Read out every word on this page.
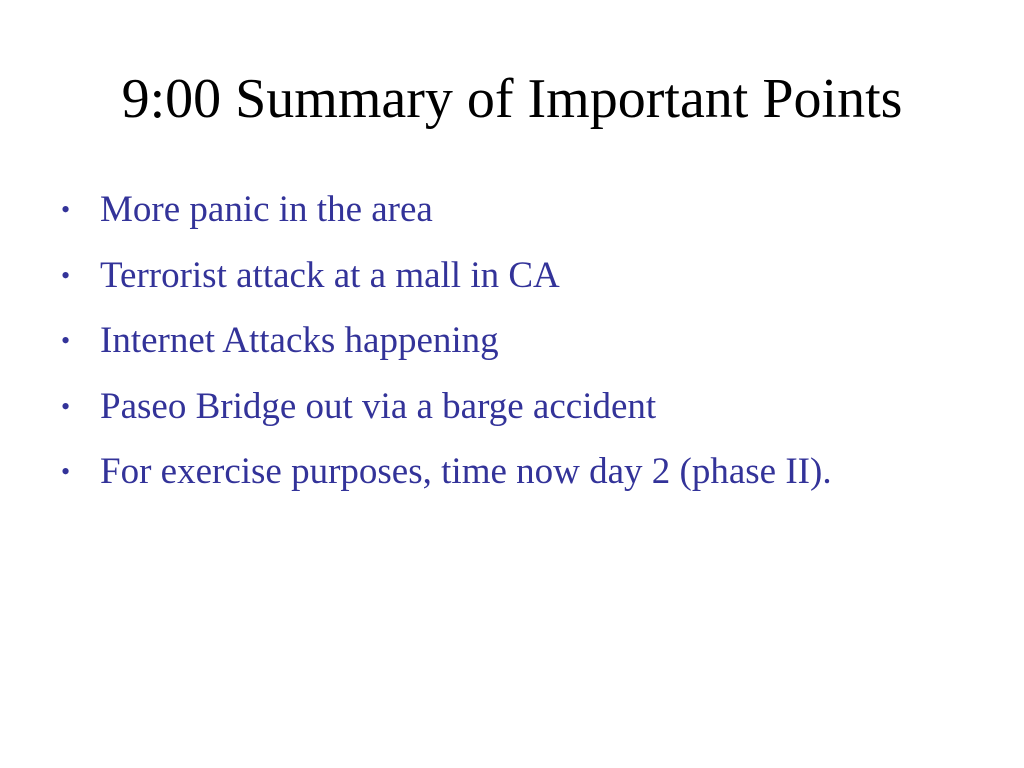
9:00 Summary of Important Points
• More panic in the area
• Terrorist attack at a mall in CA
• Internet Attacks happening
• Paseo Bridge out via a barge accident
• For exercise purposes, time now day 2 (phase II).
